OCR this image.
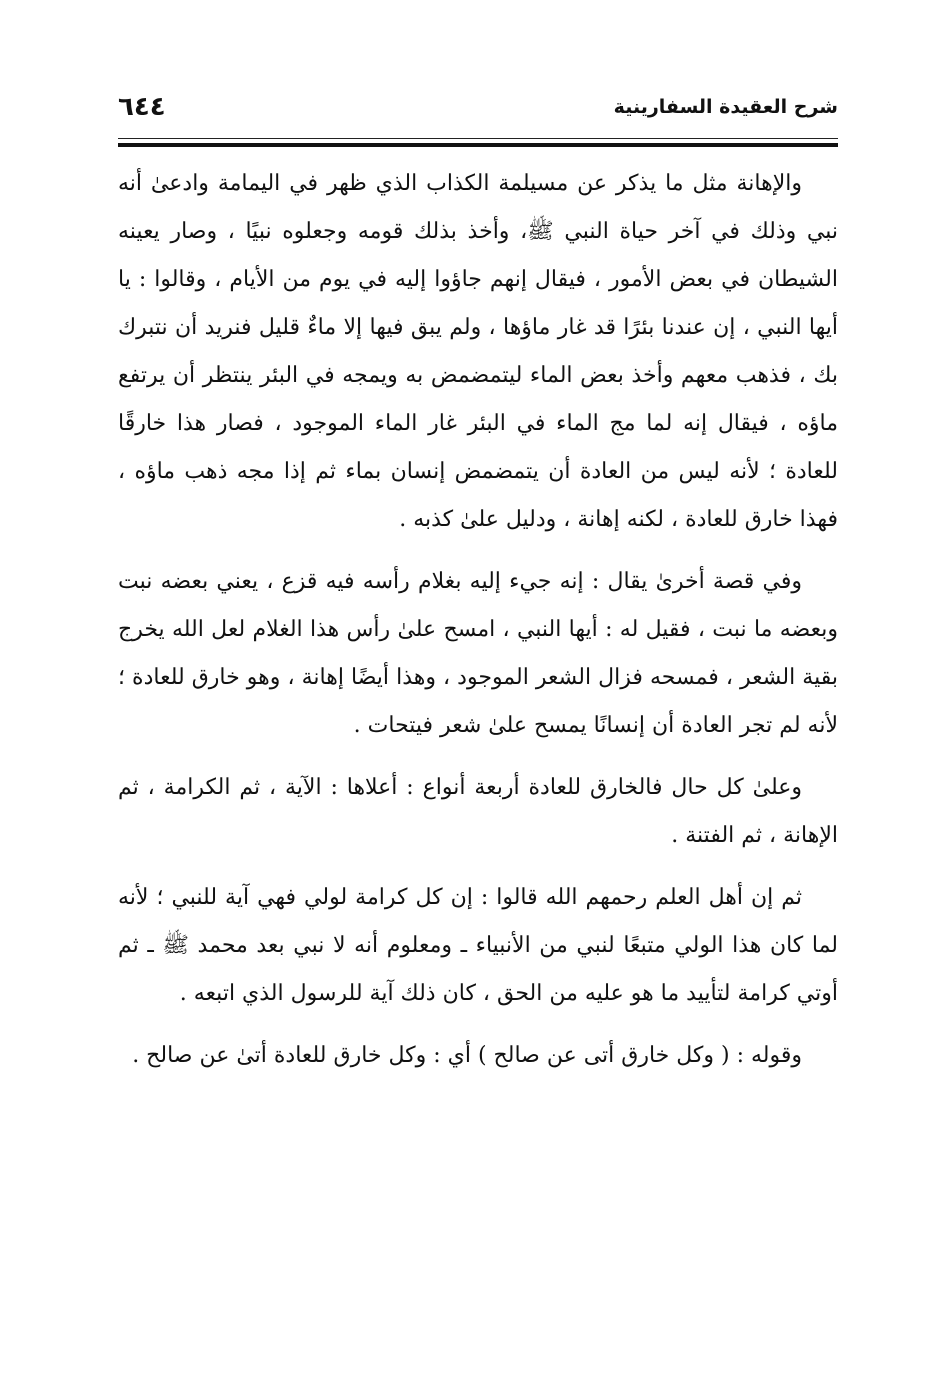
شرح العقيدة السفارينية
٦٤٤

والإهانة مثل ما يذكر عن مسيلمة الكذاب الذي ظهر في اليمامة وادعىٰ أنه نبي وذلك في آخر حياة النبي ﷺ، وأخذ بذلك قومه وجعلوه نبيًا ، وصار يعينه الشيطان في بعض الأمور ، فيقال إنهم جاؤوا إليه في يوم من الأيام ، وقالوا : يا أيها النبي ، إن عندنا بئرًا قد غار ماؤها ، ولم يبق فيها إلا ماءٌ قليل فنريد أن نتبرك بك ، فذهب معهم وأخذ بعض الماء ليتمضمض به ويمجه في البئر ينتظر أن يرتفع ماؤه ، فيقال إنه لما مج الماء في البئر غار الماء الموجود ، فصار هذا خارقًا للعادة ؛ لأنه ليس من العادة أن يتمضمض إنسان بماء ثم إذا مجه ذهب ماؤه ، فهذا خارق للعادة ، لكنه إهانة ، ودليل علىٰ كذبه .

وفي قصة أخرىٰ يقال : إنه جيء إليه بغلام رأسه فيه قزع ، يعني بعضه نبت وبعضه ما نبت ، فقيل له : أيها النبي ، امسح علىٰ رأس هذا الغلام لعل الله يخرج بقية الشعر ، فمسحه فزال الشعر الموجود ، وهذا أيضًا إهانة ، وهو خارق للعادة ؛ لأنه لم تجر العادة أن إنسانًا يمسح علىٰ شعر فيتحات .

وعلىٰ كل حال فالخارق للعادة أربعة أنواع : أعلاها : الآية ، ثم الكرامة ، ثم الإهانة ، ثم الفتنة .

ثم إن أهل العلم رحمهم الله قالوا : إن كل كرامة لولي فهي آية للنبي ؛ لأنه لما كان هذا الولي متبعًا لنبي من الأنبياء ـ ومعلوم أنه لا نبي بعد محمد ﷺ ـ ثم أوتي كرامة لتأييد ما هو عليه من الحق ، كان ذلك آية للرسول الذي اتبعه .

وقوله : ( وكل خارق أتى عن صالح ) أي : وكل خارق للعادة أتىٰ عن صالح .
